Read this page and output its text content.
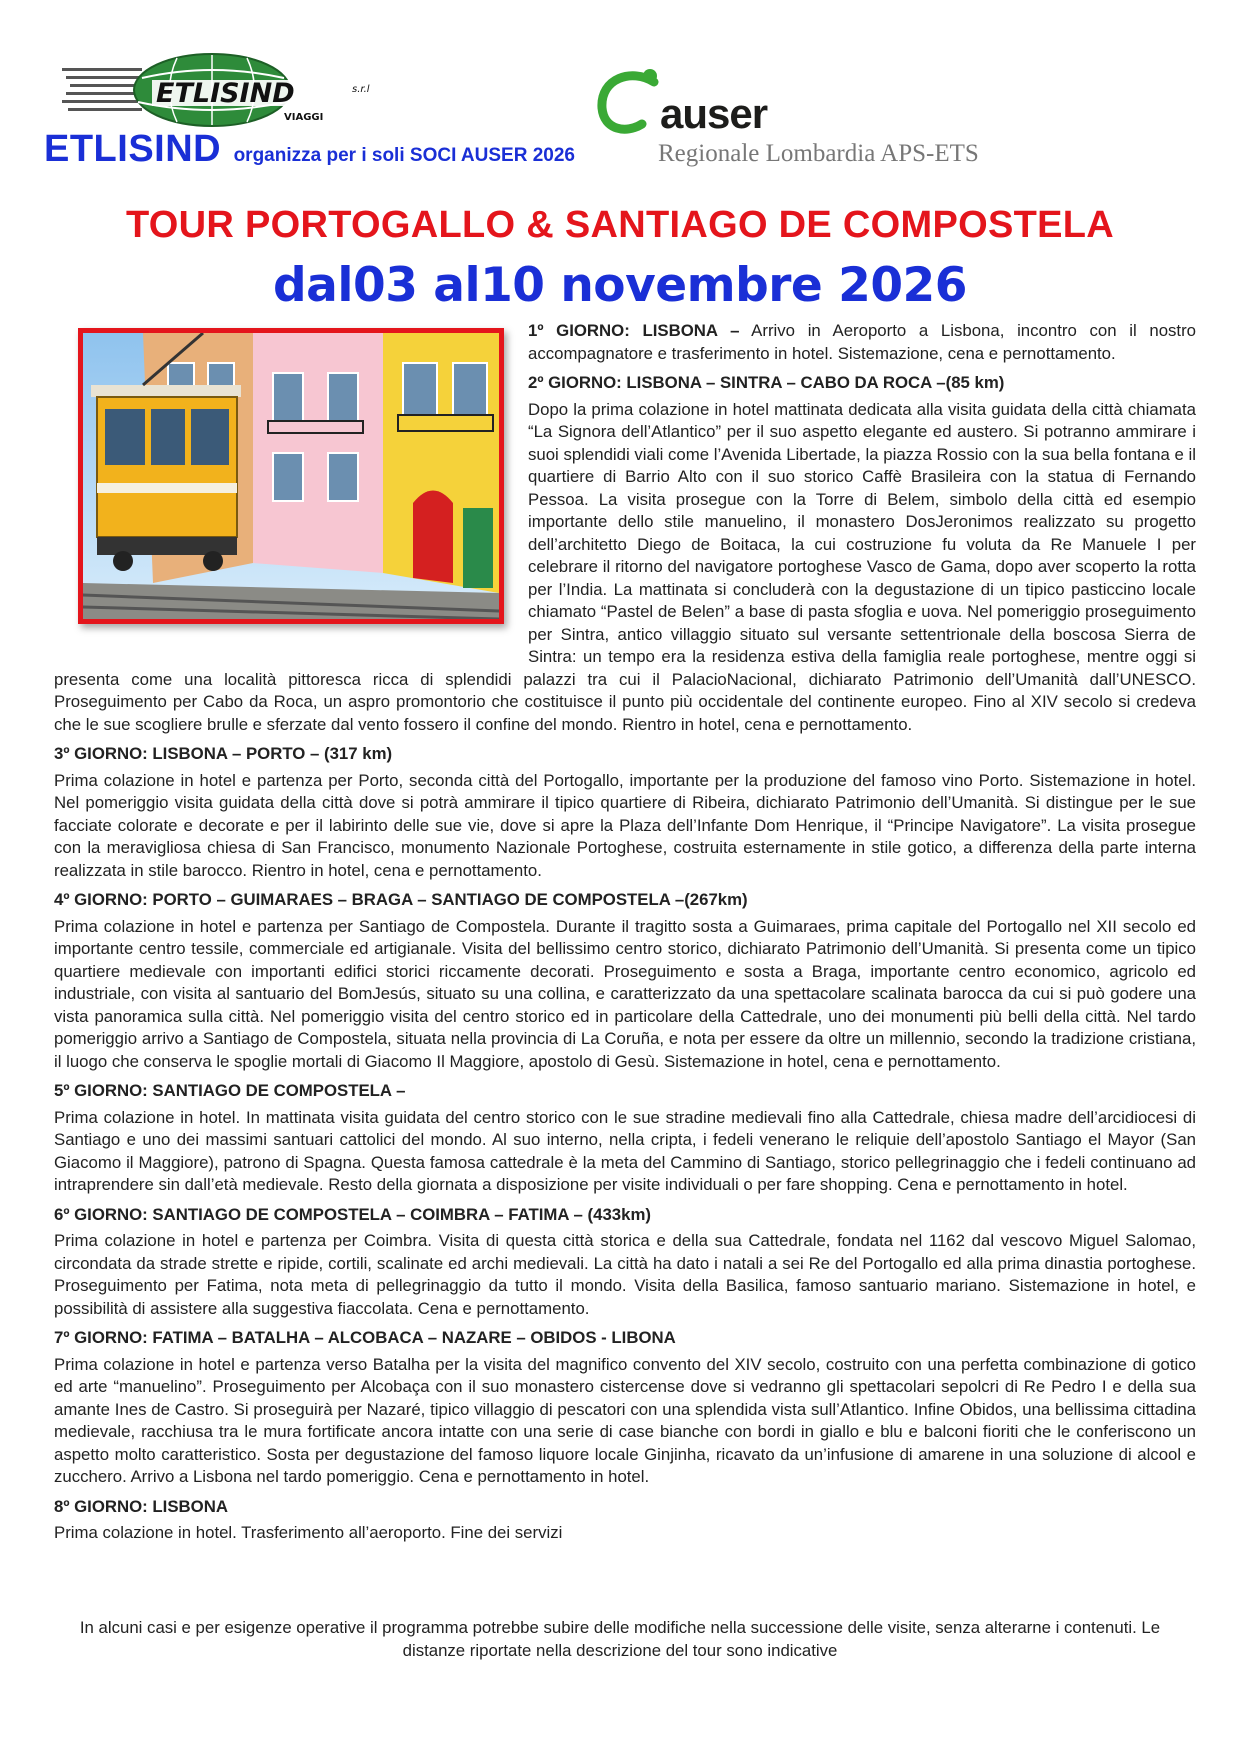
ETLISIND	s.r.l
VIAGGI	auser
Regionale Lombardia APS-ETS
ETLISIND organizza per i soli SOCI AUSER 2026
TOUR PORTOGALLO & SANTIAGO DE COMPOSTELA
dal03 al10 novembre 2026

1º GIORNO: LISBONA – Arrivo in Aeroporto a Lisbona, incontro con il nostro accompagnatore e trasferimento in hotel. Sistemazione, cena e pernottamento.

2º GIORNO: LISBONA – SINTRA – CABO DA ROCA –(85 km)

Dopo la prima colazione in hotel mattinata dedicata alla visita guidata della città chiamata “La Signora dell’Atlantico” per il suo aspetto elegante ed austero. Si potranno ammirare i suoi splendidi viali come l’Avenida Libertade, la piazza Rossio con la sua bella fontana e il quartiere di Barrio Alto con il suo storico Caffè Brasileira con la statua di Fernando Pessoa. La visita prosegue con la Torre di Belem, simbolo della città ed esempio importante dello stile manuelino, il monastero DosJeronimos realizzato su progetto dell’architetto Diego de Boitaca, la cui costruzione fu voluta da Re Manuele I per celebrare il ritorno del navigatore portoghese Vasco de Gama, dopo aver scoperto la rotta per l’India. La mattinata si concluderà con la degustazione di un tipico pasticcino locale chiamato “Pastel de Belen” a base di pasta sfoglia e uova. Nel pomeriggio proseguimento per Sintra, antico villaggio situato sul versante settentrionale della boscosa Sierra de Sintra: un tempo era la residenza estiva della famiglia reale portoghese, mentre oggi si presenta come una località pittoresca ricca di splendidi palazzi tra cui il PalacioNacional, dichiarato Patrimonio dell’Umanità dall’UNESCO. Proseguimento per Cabo da Roca, un aspro promontorio che costituisce il punto più occidentale del continente europeo. Fino al XIV secolo si credeva che le sue scogliere brulle e sferzate dal vento fossero il confine del mondo. Rientro in hotel, cena e pernottamento.

3º GIORNO: LISBONA – PORTO – (317 km)

Prima colazione in hotel e partenza per Porto, seconda città del Portogallo, importante per la produzione del famoso vino Porto. Sistemazione in hotel. Nel pomeriggio visita guidata della città dove si potrà ammirare il tipico quartiere di Ribeira, dichiarato Patrimonio dell’Umanità. Si distingue per le sue facciate colorate e decorate e per il labirinto delle sue vie, dove si apre la Plaza dell’Infante Dom Henrique, il “Principe Navigatore”. La visita prosegue con la meravigliosa chiesa di San Francisco, monumento Nazionale Portoghese, costruita esternamente in stile gotico, a differenza della parte interna realizzata in stile barocco. Rientro in hotel, cena e pernottamento.

4º GIORNO: PORTO – GUIMARAES – BRAGA – SANTIAGO DE COMPOSTELA –(267km)

Prima colazione in hotel e partenza per Santiago de Compostela. Durante il tragitto sosta a Guimaraes, prima capitale del Portogallo nel XII secolo ed importante centro tessile, commerciale ed artigianale. Visita del bellissimo centro storico, dichiarato Patrimonio dell’Umanità. Si presenta come un tipico quartiere medievale con importanti edifici storici riccamente decorati. Proseguimento e sosta a Braga, importante centro economico, agricolo ed industriale, con visita al santuario del BomJesús, situato su una collina, e caratterizzato da una spettacolare scalinata barocca da cui si può godere una vista panoramica sulla città. Nel pomeriggio visita del centro storico ed in particolare della Cattedrale, uno dei monumenti più belli della città. Nel tardo pomeriggio arrivo a Santiago de Compostela, situata nella provincia di La Coruña, e nota per essere da oltre un millennio, secondo la tradizione cristiana, il luogo che conserva le spoglie mortali di Giacomo Il Maggiore, apostolo di Gesù. Sistemazione in hotel, cena e pernottamento.

5º GIORNO: SANTIAGO DE COMPOSTELA –

Prima colazione in hotel. In mattinata visita guidata del centro storico con le sue stradine medievali fino alla Cattedrale, chiesa madre dell’arcidiocesi di Santiago e uno dei massimi santuari cattolici del mondo. Al suo interno, nella cripta, i fedeli venerano le reliquie dell’apostolo Santiago el Mayor (San Giacomo il Maggiore), patrono di Spagna. Questa famosa cattedrale è la meta del Cammino di Santiago, storico pellegrinaggio che i fedeli continuano ad intraprendere sin dall’età medievale. Resto della giornata a disposizione per visite individuali o per fare shopping. Cena e pernottamento in hotel.

6º GIORNO: SANTIAGO DE COMPOSTELA – COIMBRA – FATIMA – (433km)

Prima colazione in hotel e partenza per Coimbra. Visita di questa città storica e della sua Cattedrale, fondata nel 1162 dal vescovo Miguel Salomao, circondata da strade strette e ripide, cortili, scalinate ed archi medievali. La città ha dato i natali a sei Re del Portogallo ed alla prima dinastia portoghese. Proseguimento per Fatima, nota meta di pellegrinaggio da tutto il mondo. Visita della Basilica, famoso santuario mariano. Sistemazione in hotel, e possibilità di assistere alla suggestiva fiaccolata. Cena e pernottamento.

7º GIORNO: FATIMA – BATALHA – ALCOBACA – NAZARE – OBIDOS - LIBONA

Prima colazione in hotel e partenza verso Batalha per la visita del magnifico convento del XIV secolo, costruito con una perfetta combinazione di gotico ed arte “manuelino”. Proseguimento per Alcobaça con il suo monastero cistercense dove si vedranno gli spettacolari sepolcri di Re Pedro I e della sua amante Ines de Castro. Si proseguirà per Nazaré, tipico villaggio di pescatori con una splendida vista sull’Atlantico. Infine Obidos, una bellissima cittadina medievale, racchiusa tra le mura fortificate ancora intatte con una serie di case bianche con bordi in giallo e blu e balconi fioriti che le conferiscono un aspetto molto caratteristico. Sosta per degustazione del famoso liquore locale Ginjinha, ricavato da un’infusione di amarene in una soluzione di alcool e zucchero. Arrivo a Lisbona nel tardo pomeriggio. Cena e pernottamento in hotel.

8º GIORNO: LISBONA

Prima colazione in hotel. Trasferimento all’aeroporto. Fine dei servizi

In alcuni casi e per esigenze operative il programma potrebbe subire delle modifiche nella successione delle visite, senza alterarne i contenuti. Le distanze riportate nella descrizione del tour sono indicative
